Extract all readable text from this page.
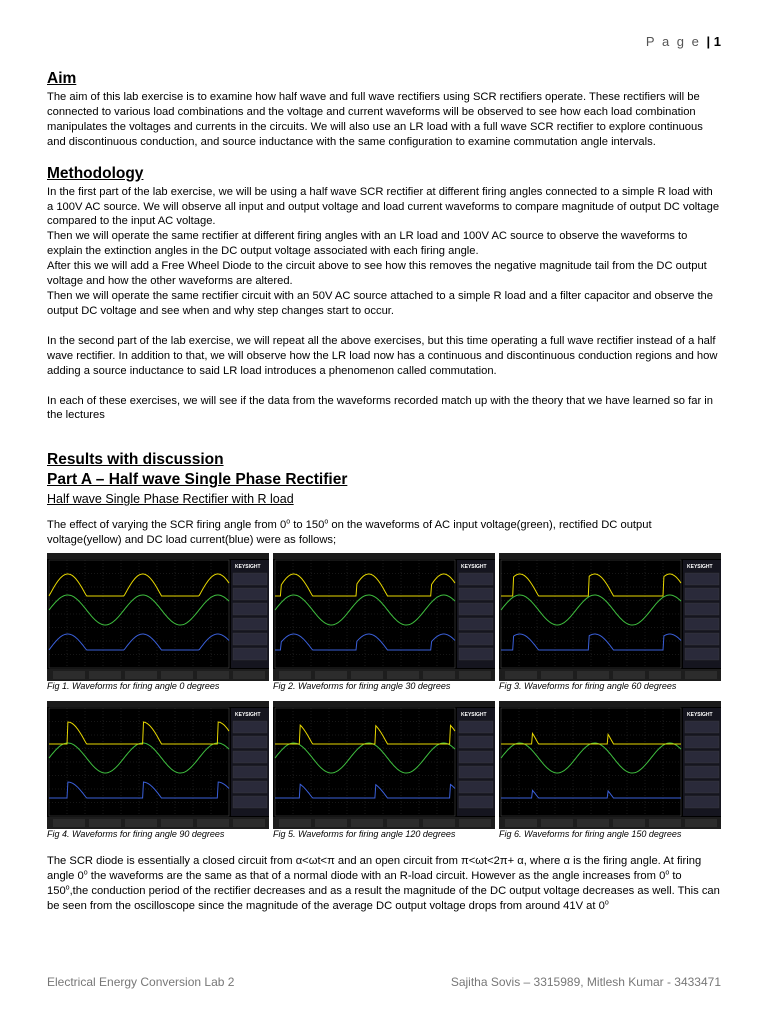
P a g e | 1
Aim

The aim of this lab exercise is to examine how half wave and full wave rectifiers using SCR rectifiers operate. These rectifiers will be connected to various load combinations and the voltage and current waveforms will be observed to see how each load combination manipulates the voltages and currents in the circuits. We will also use an LR load with a full wave SCR rectifier to explore continuous and discontinuous conduction, and source inductance with the same configuration to examine commutation angle intervals.

Methodology

In the first part of the lab exercise, we will be using a half wave SCR rectifier at different firing angles connected to a simple R load with a 100V AC source. We will observe all input and output voltage and load current waveforms to compare magnitude of output DC voltage compared to the input AC voltage.

Then we will operate the same rectifier at different firing angles with an LR load and 100V AC source to observe the waveforms to explain the extinction angles in the DC output voltage associated with each firing angle.

After this we will add a Free Wheel Diode to the circuit above to see how this removes the negative magnitude tail from the DC output voltage and how the other waveforms are altered.

Then we will operate the same rectifier circuit with an 50V AC source attached to a simple R load and a filter capacitor and observe the output DC voltage and see when and why step changes start to occur.

In the second part of the lab exercise, we will repeat all the above exercises, but this time operating a full wave rectifier instead of a half wave rectifier. In addition to that, we will observe how the LR load now has a continuous and discontinuous conduction regions and how adding a source inductance to said LR load introduces a phenomenon called commutation.

In each of these exercises, we will see if the data from the waveforms recorded match up with the theory that we have learned so far in the lectures

Results with discussion
Part A – Half wave Single Phase Rectifier
Half wave Single Phase Rectifier with R load

The effect of varying the SCR firing angle from 0$^o$ to 150$^o$ on the waveforms of AC input voltage(green), rectified DC output voltage(yellow) and DC load current(blue) were as follows;

KEYSIGHT
Fig 1. Waveforms for firing angle 0 degrees
KEYSIGHT
Fig 2. Waveforms for firing angle 30 degrees
KEYSIGHT
Fig 3. Waveforms for firing angle 60 degrees
KEYSIGHT
Fig 4. Waveforms for firing angle 90 degrees
KEYSIGHT
Fig 5. Waveforms for firing angle 120 degrees
KEYSIGHT
Fig 6. Waveforms for firing angle 150 degrees

The SCR diode is essentially a closed circuit from α<ωt<π and an open circuit from π<ωt<2π+ α, where α is the firing angle. At firing angle 0$^o$ the waveforms are the same as that of a normal diode with an R-load circuit. However as the angle increases from 0$^o$ to 150$^o$,the conduction period of the rectifier decreases and as a result the magnitude of the DC output voltage decreases as well. This can be seen from the oscilloscope since the magnitude of the average DC output voltage drops from around 41V at 0$^o$

Electrical Energy Conversion Lab 2	Sajitha Sovis – 3315989, Mitlesh Kumar - 3433471
